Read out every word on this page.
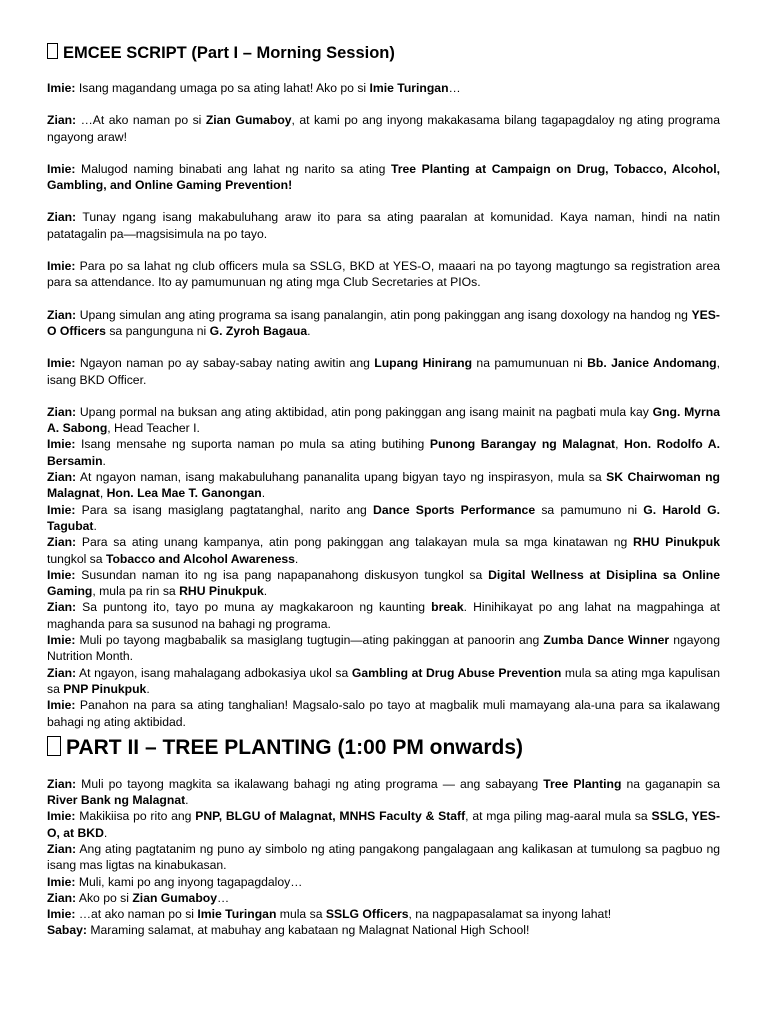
EMCEE SCRIPT (Part I – Morning Session)

Imie: Isang magandang umaga po sa ating lahat! Ako po si Imie Turingan…

Zian: …At ako naman po si Zian Gumaboy, at kami po ang inyong makakasama bilang tagapagdaloy ng ating programa ngayong araw!

Imie: Malugod naming binabati ang lahat ng narito sa ating Tree Planting at Campaign on Drug, Tobacco, Alcohol, Gambling, and Online Gaming Prevention!

Zian: Tunay ngang isang makabuluhang araw ito para sa ating paaralan at komunidad. Kaya naman, hindi na natin patatagalin pa—magsisimula na po tayo.

Imie: Para po sa lahat ng club officers mula sa SSLG, BKD at YES-O, maaari na po tayong magtungo sa registration area para sa attendance. Ito ay pamumunuan ng ating mga Club Secretaries at PIOs.

Zian: Upang simulan ang ating programa sa isang panalangin, atin pong pakinggan ang isang doxology na handog ng YES-O Officers sa pangunguna ni G. Zyroh Bagaua.

Imie: Ngayon naman po ay sabay-sabay nating awitin ang Lupang Hinirang na pamumunuan ni Bb. Janice Andomang, isang BKD Officer.

Zian: Upang pormal na buksan ang ating aktibidad, atin pong pakinggan ang isang mainit na pagbati mula kay Gng. Myrna A. Sabong, Head Teacher I.

Imie: Isang mensahe ng suporta naman po mula sa ating butihing Punong Barangay ng Malagnat, Hon. Rodolfo A. Bersamin.

Zian: At ngayon naman, isang makabuluhang pananalita upang bigyan tayo ng inspirasyon, mula sa SK Chairwoman ng Malagnat, Hon. Lea Mae T. Ganongan.

Imie: Para sa isang masiglang pagtatanghal, narito ang Dance Sports Performance sa pamumuno ni G. Harold G. Tagubat.

Zian: Para sa ating unang kampanya, atin pong pakinggan ang talakayan mula sa mga kinatawan ng RHU Pinukpuk tungkol sa Tobacco and Alcohol Awareness.

Imie: Susundan naman ito ng isa pang napapanahong diskusyon tungkol sa Digital Wellness at Disiplina sa Online Gaming, mula pa rin sa RHU Pinukpuk.

Zian: Sa puntong ito, tayo po muna ay magkakaroon ng kaunting break. Hinihikayat po ang lahat na magpahinga at maghanda para sa susunod na bahagi ng programa.

Imie: Muli po tayong magbabalik sa masiglang tugtugin—ating pakinggan at panoorin ang Zumba Dance Winner ngayong Nutrition Month.

Zian: At ngayon, isang mahalagang adbokasiya ukol sa Gambling at Drug Abuse Prevention mula sa ating mga kapulisan sa PNP Pinukpuk.

Imie: Panahon na para sa ating tanghalian! Magsalo-salo po tayo at magbalik muli mamayang ala-una para sa ikalawang bahagi ng ating aktibidad.

PART II – TREE PLANTING (1:00 PM onwards)

Zian: Muli po tayong magkita sa ikalawang bahagi ng ating programa — ang sabayang Tree Planting na gaganapin sa River Bank ng Malagnat.

Imie: Makikiisa po rito ang PNP, BLGU of Malagnat, MNHS Faculty & Staff, at mga piling mag-aaral mula sa SSLG, YES-O, at BKD.

Zian: Ang ating pagtatanim ng puno ay simbolo ng ating pangakong pangalagaan ang kalikasan at tumulong sa pagbuo ng isang mas ligtas na kinabukasan.

Imie: Muli, kami po ang inyong tagapagdaloy…

Zian: Ako po si Zian Gumaboy…

Imie: …at ako naman po si Imie Turingan mula sa SSLG Officers, na nagpapasalamat sa inyong lahat!

Sabay: Maraming salamat, at mabuhay ang kabataan ng Malagnat National High School!
